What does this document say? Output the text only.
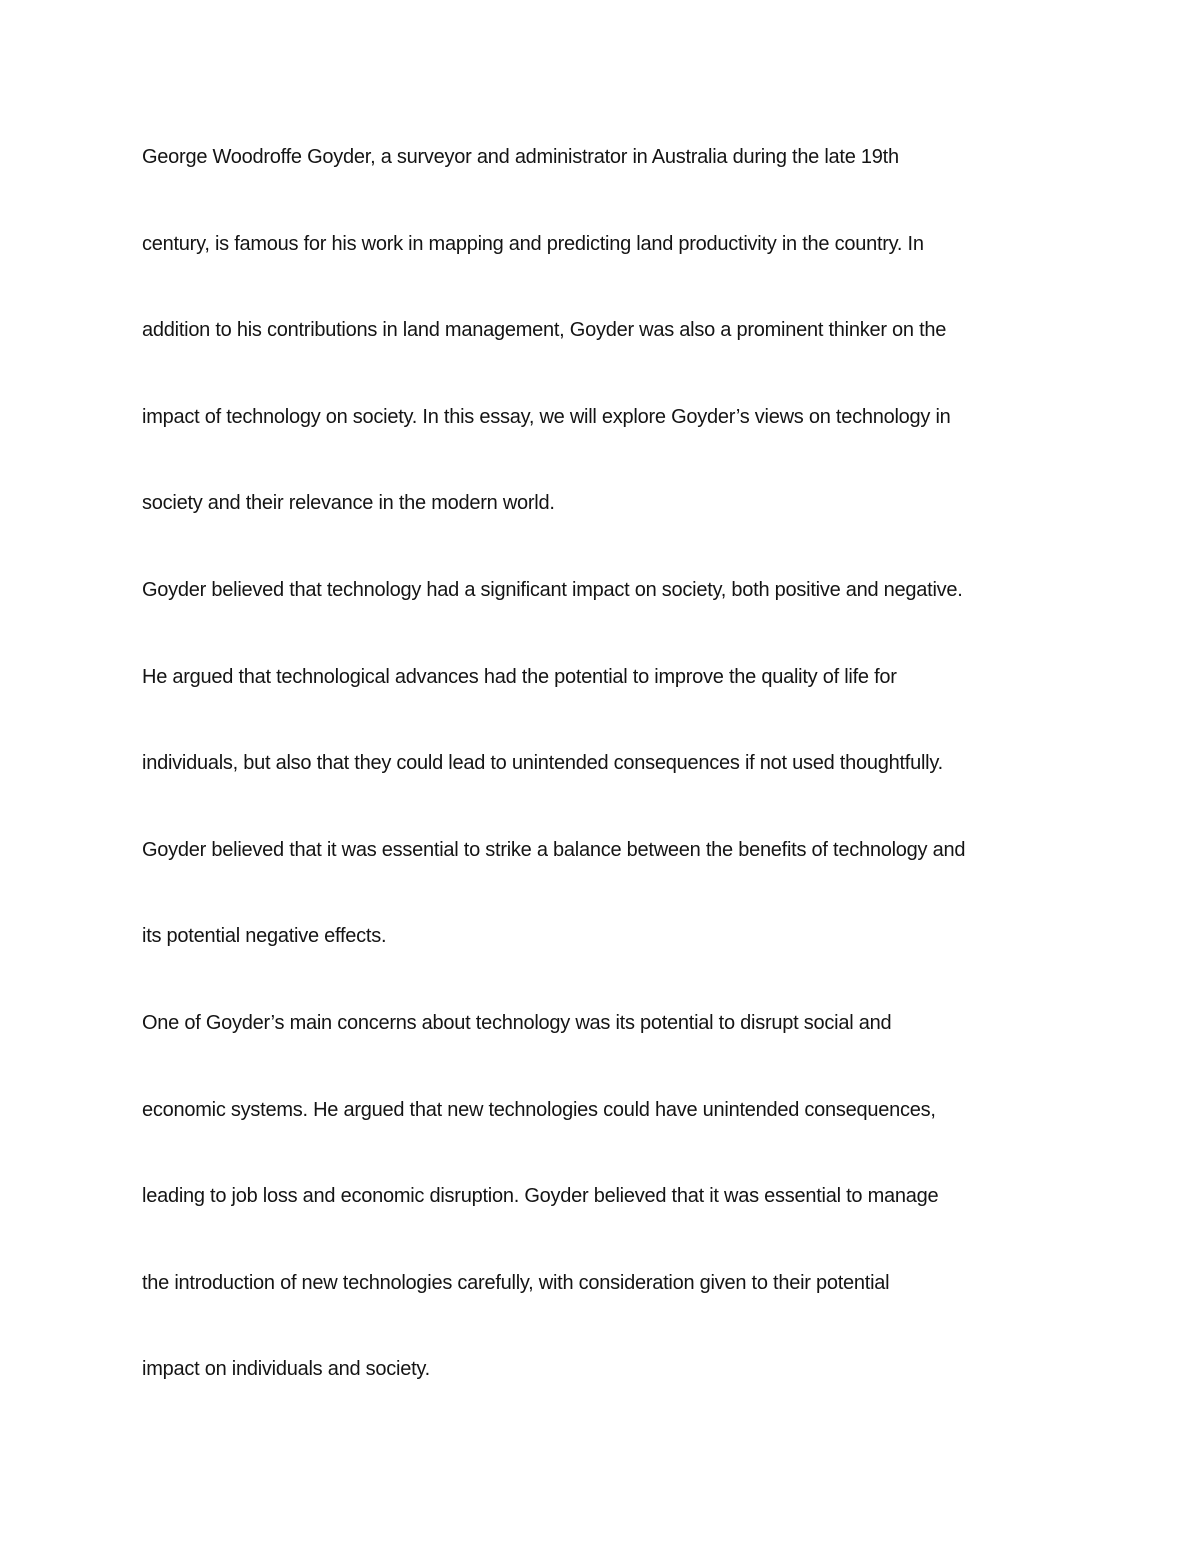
George Woodroffe Goyder, a surveyor and administrator in Australia during the late 19th
century, is famous for his work in mapping and predicting land productivity in the country. In
addition to his contributions in land management, Goyder was also a prominent thinker on the
impact of technology on society. In this essay, we will explore Goyder’s views on technology in
society and their relevance in the modern world.
Goyder believed that technology had a significant impact on society, both positive and negative.
He argued that technological advances had the potential to improve the quality of life for
individuals, but also that they could lead to unintended consequences if not used thoughtfully.
Goyder believed that it was essential to strike a balance between the benefits of technology and
its potential negative effects.
One of Goyder’s main concerns about technology was its potential to disrupt social and
economic systems. He argued that new technologies could have unintended consequences,
leading to job loss and economic disruption. Goyder believed that it was essential to manage
the introduction of new technologies carefully, with consideration given to their potential
impact on individuals and society.
